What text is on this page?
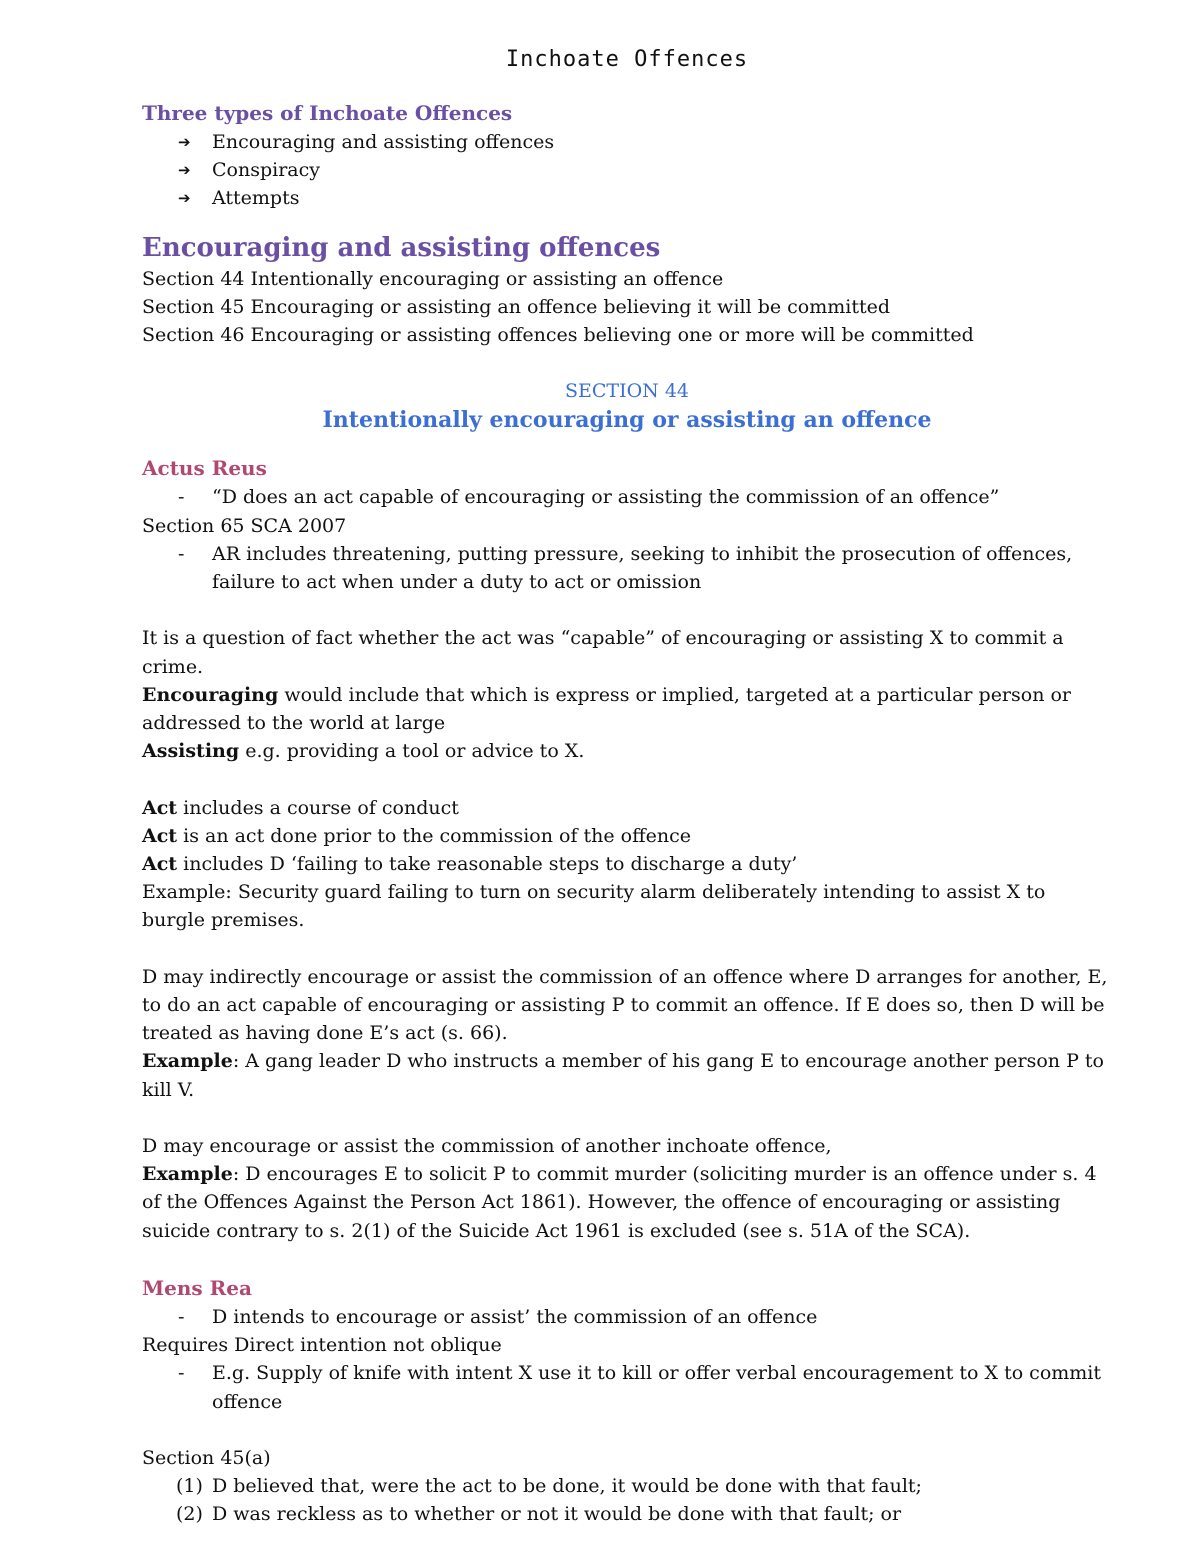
Inchoate Offences
Three types of Inchoate Offences
➔ Encouraging and assisting offences
➔ Conspiracy
➔ Attempts
Encouraging and assisting offences

Section 44 Intentionally encouraging or assisting an offence

Section 45 Encouraging or assisting an offence believing it will be committed

Section 46 Encouraging or assisting offences believing one or more will be committed

SECTION 44

Intentionally encouraging or assisting an offence

Actus Reus
- “D does an act capable of encouraging or assisting the commission of an offence”

Section 65 SCA 2007

- AR includes threatening, putting pressure, seeking to inhibit the prosecution of offences, failure to act when under a duty to act or omission

It is a question of fact whether the act was “capable” of encouraging or assisting X to commit a crime.

Encouraging would include that which is express or implied, targeted at a particular person or addressed to the world at large

Assisting e.g. providing a tool or advice to X.

Act includes a course of conduct

Act is an act done prior to the commission of the offence

Act includes D ‘failing to take reasonable steps to discharge a duty’

Example: Security guard failing to turn on security alarm deliberately intending to assist X to burgle premises.

D may indirectly encourage or assist the commission of an offence where D arranges for another, E, to do an act capable of encouraging or assisting P to commit an offence. If E does so, then D will be treated as having done E’s act (s. 66).

Example: A gang leader D who instructs a member of his gang E to encourage another person P to kill V.

D may encourage or assist the commission of another inchoate offence,

Example: D encourages E to solicit P to commit murder (soliciting murder is an offence under s. 4 of the Offences Against the Person Act 1861). However, the offence of encouraging or assisting suicide contrary to s. 2(1) of the Suicide Act 1961 is excluded (see s. 51A of the SCA).

Mens Rea
- D intends to encourage or assist’ the commission of an offence

Requires Direct intention not oblique

- E.g. Supply of knife with intent X use it to kill or offer verbal encouragement to X to commit offence

Section 45(a)

(1) D believed that, were the act to be done, it would be done with that fault;
(2) D was reckless as to whether or not it would be done with that fault; or
